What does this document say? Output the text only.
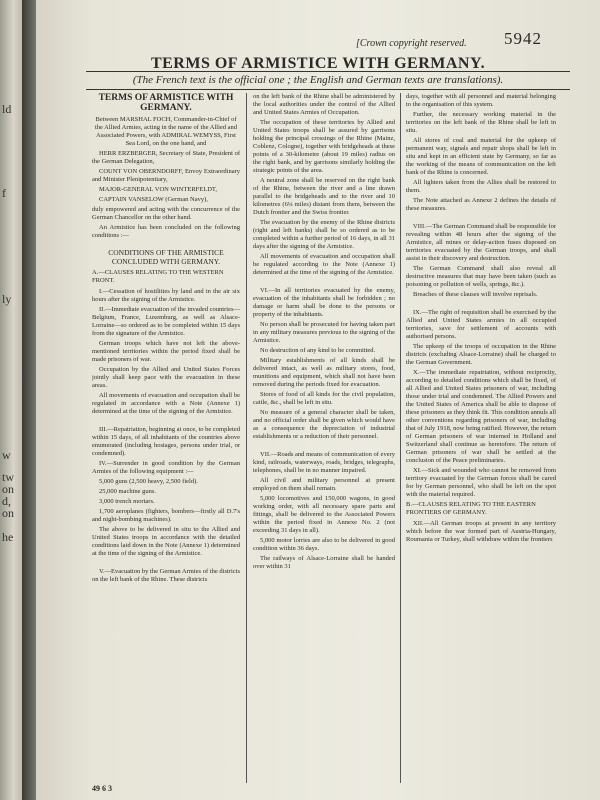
ld
f
ly
w
tw
on
d,
on
he
[Crown copyright reserved. 5942
TERMS OF ARMISTICE WITH GERMANY.
(The French text is the official one ; the English and German texts are translations).

TERMS OF ARMISTICE WITH GERMANY.

Between MARSHAL FOCH, Commander-in-Chief of the Allied Armies, acting in the name of the Allied and Associated Powers, with ADMIRAL WEMYSS, First Sea Lord, on the one hand, and

HERR ERZBERGER, Secretary of State, President of the German Delegation,

COUNT VON OBERNDORFF, Envoy Extraordinary and Minister Plenipotentiary,

MAJOR-GENERAL VON WINTERFELDT,

CAPTAIN VANSELOW (German Navy),

duly empowered and acting with the concurrence of the German Chancellor on the other hand.

An Armistice has been concluded on the following conditions :—

CONDITIONS OF THE ARMISTICE CONCLUDED WITH GERMANY.

A.—CLAUSES RELATING TO THE WESTERN FRONT.

I.—Cessation of hostilities by land and in the air six hours after the signing of the Armistice.

II.—Immediate evacuation of the invaded countries—Belgium, France, Luxemburg, as well as Alsace-Lorraine—so ordered as to be completed within 15 days from the signature of the Armistice.

German troops which have not left the above-mentioned territories within the period fixed shall be made prisoners of war.

Occupation by the Allied and United States Forces jointly shall keep pace with the evacuation in these areas.

All movements of evacuation and occupation shall be regulated in accordance with a Note (Annexe 1) determined at the time of the signing of the Armistice.

III.—Repatriation, beginning at once, to be completed within 15 days, of all inhabitants of the countries above enumerated (including hostages, persons under trial, or condemned).

IV.—Surrender in good condition by the German Armies of the following equipment :—

5,000 guns (2,500 heavy, 2,500 field).

25,000 machine guns.

3,000 trench mortars.

1,700 aeroplanes (fighters, bombers—firstly all D.7's and night-bombing machines).

The above to be delivered in situ to the Allied and United States troops in accordance with the detailed conditions laid down in the Note (Annexe 1) determined at the time of the signing of the Armistice.

V.—Evacuation by the German Armies of the districts on the left bank of the Rhine. These districts

on the left bank of the Rhine shall be administered by the local authorities under the control of the Allied and United States Armies of Occupation.

The occupation of these territories by Allied and United States troops shall be assured by garrisons holding the principal crossings of the Rhine (Mainz, Coblenz, Cologne), together with bridgeheads at these points of a 30-kilometre (about 19 miles) radius on the right bank, and by garrisons similarly holding the strategic points of the area.

A neutral zone shall be reserved on the right bank of the Rhine, between the river and a line drawn parallel to the bridgeheads and to the river and 10 kilometres (6¼ miles) distant from them, between the Dutch frontier and the Swiss frontier.

The evacuation by the enemy of the Rhine districts (right and left banks) shall be so ordered as to be completed within a further period of 16 days, in all 31 days after the signing of the Armistice.

All movements of evacuation and occupation shall be regulated according to the Note (Annexe 1) determined at the time of the signing of the Armistice.

VI.—In all territories evacuated by the enemy, evacuation of the inhabitants shall be forbidden ; no damage or harm shall be done to the persons or property of the inhabitants.

No person shall be prosecuted for having taken part in any military measures previous to the signing of the Armistice.

No destruction of any kind to be committed.

Military establishments of all kinds shall be delivered intact, as well as military stores, food, munitions and equipment, which shall not have been removed during the periods fixed for evacuation.

Stores of food of all kinds for the civil population, cattle, &c., shall be left in situ.

No measure of a general character shall be taken, and no official order shall be given which would have as a consequence the depreciation of industrial establishments or a reduction of their personnel.

VII.—Roads and means of communication of every kind, railroads, waterways, roads, bridges, telegraphs, telephones, shall be in no manner impaired.

All civil and military personnel at present employed on them shall remain.

5,000 locomotives and 150,000 wagons, in good working order, with all necessary spare parts and fittings, shall be delivered to the Associated Powers within the period fixed in Annexe No. 2 (not exceeding 31 days in all).

5,000 motor lorries are also to be delivered in good condition within 36 days.

The railways of Alsace-Lorraine shall be handed over within 31

days, together with all personnel and material belonging to the organisation of this system.

Further, the necessary working material in the territories on the left bank of the Rhine shall be left in situ.

All stores of coal and material for the upkeep of permanent way, signals and repair shops shall be left in situ and kept in an efficient state by Germany, so far as the working of the means of communication on the left bank of the Rhine is concerned.

All lighters taken from the Allies shall be restored to them.

The Note attached as Annexe 2 defines the details of these measures.

VIII.—The German Command shall be responsible for revealing within 48 hours after the signing of the Armistice, all mines or delay-action fuses disposed on territories evacuated by the German troops, and shall assist in their discovery and destruction.

The German Command shall also reveal all destructive measures that may have been taken (such as poisoning or pollution of wells, springs, &c.).

Breaches of these clauses will involve reprisals.

IX.—The right of requisition shall be exercised by the Allied and United States armies in all occupied territories, save for settlement of accounts with authorised persons.

The upkeep of the troops of occupation in the Rhine districts (excluding Alsace-Lorraine) shall be charged to the German Government.

X.—The immediate repatriation, without reciprocity, according to detailed conditions which shall be fixed, of all Allied and United States prisoners of war, including those under trial and condemned. The Allied Powers and the United States of America shall be able to dispose of these prisoners as they think fit. This condition annuls all other conventions regarding prisoners of war, including that of July 1918, now being ratified. However, the return of German prisoners of war interned in Holland and Switzerland shall continue as heretofore. The return of German prisoners of war shall be settled at the conclusion of the Peace preliminaries.

XI.—Sick and wounded who cannot be removed from territory evacuated by the German forces shall be cared for by German personnel, who shall be left on the spot with the material required.

B.—CLAUSES RELATING TO THE EASTERN FRONTIERS OF GERMANY.

XII.—All German troops at present in any territory which before the war formed part of Austria-Hungary, Roumania or Turkey, shall withdraw within the frontiers

49 6 3
